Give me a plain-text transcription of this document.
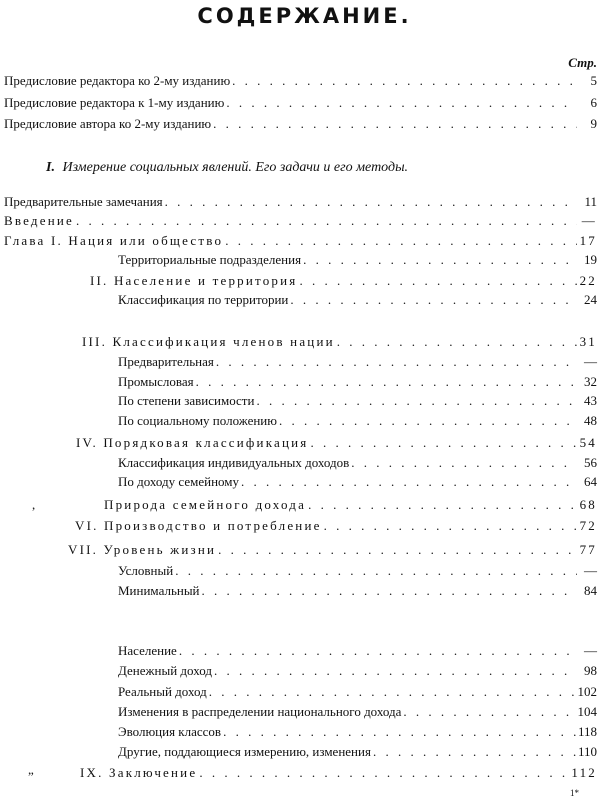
СОДЕРЖАНИЕ.
Стр.
Предисловие редактора ко 2-му изданию . . .	5
Предисловие редактора к 1-му изданию . . .	6
Предисловие автора ко 2-му изданию . . .	9
I. Измерение социальных явлений. Его задачи и его методы.
Предварительные замечания . . .	11
Введение . . .	—
Глава I. Нация или общество . . .	17
Территориальные подразделения . . .	19
II. Население и территория . . .	22
Классификация по территории . . .	24
III. Классификация членов нации . . .	31
Предварительная . . .	—
Промысловая . . .	32
По степени зависимости . . .	43
По социальному положению . . .	48
IV. Порядковая классификация . . .	54
Классификация индивидуальных доходов . . .	56
По доходу семейному . . .	64
,	Природа семейного дохода . . .	68
VI. Производство и потребление . . .	72
VII. Уровень жизни . . .	77
Условный . . .	—
Минимальный . . .	84
Население . . .	—
Денежный доход . . .	98
Реальный доход . . .	102
Изменения в распределении национального дохода . . .	104
Эволюция классов . . .	118
Другие, поддающиеся измерению, изменения . . .	110
„	IX. Заключение . . .	112
1*
